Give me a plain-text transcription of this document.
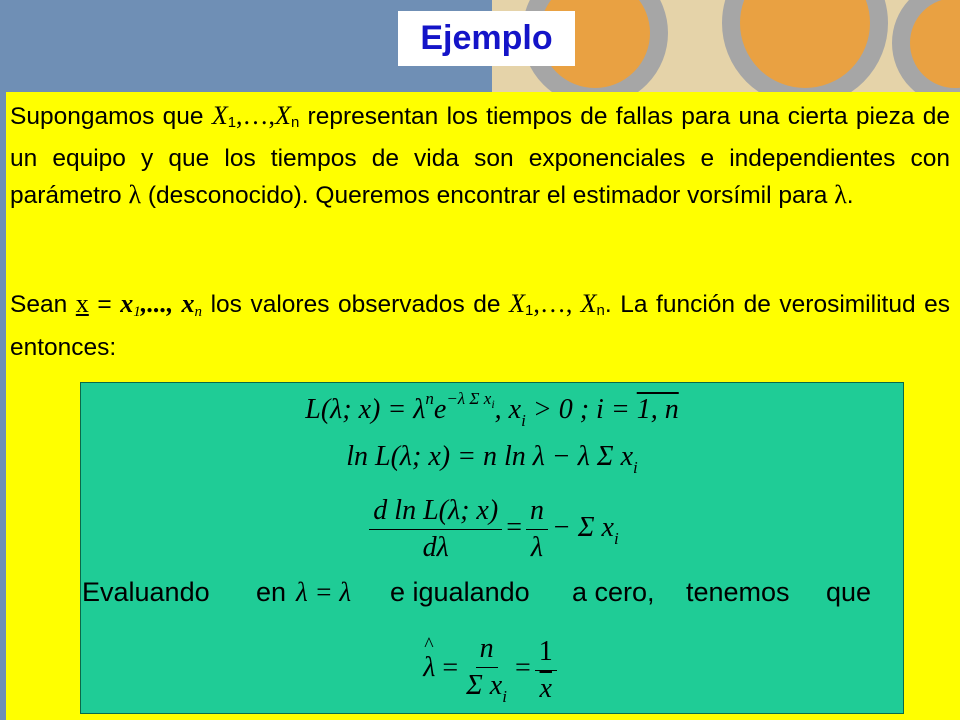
Ejemplo
Supongamos que $X_1,\dots,X_n$ representan los tiempos de fallas para una cierta pieza de un equipo y que los tiempos de vida son exponenciales e independientes con parámetro λ (desconocido). Queremos encontrar el estimador vorsímil para λ.
Sean x = x1,..., xn los valores observados de $X_1,\dots$, $X_n$. La función de verosimilitud es entonces:
L(λ; $x) = \lambda^ne^{-\lambda \Sigma xi}$, $x_i > 0$ ; i = 1, n
ln L(λ; x) = n ln λ − λ Σ $x_i$
$\frac{\text{d ln L(λ; x)}}{d\lambda} = \frac{n}{\lambda} - \Sigma$ $x_i$
^ $\lambda = \frac{n}{\Sigma x_i} = \frac{1}{x}$
Evaluando en λ = λ e igualando a cero, tenemos que
